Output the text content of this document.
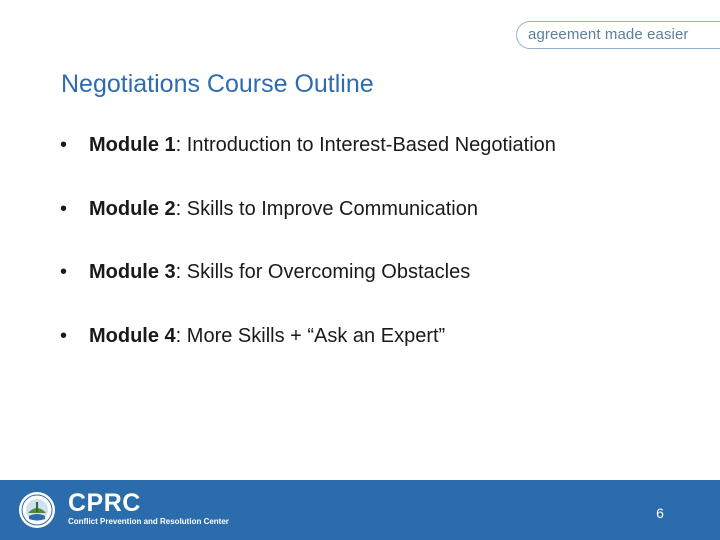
agreement made easier
Negotiations Course Outline
•	Module 1: Introduction to Interest-Based Negotiation
•	Module 2: Skills to Improve Communication
•	Module 3: Skills for Overcoming Obstacles
•	Module 4: More Skills + “Ask an Expert”
CPRC
Conflict Prevention and Resolution Center
6
